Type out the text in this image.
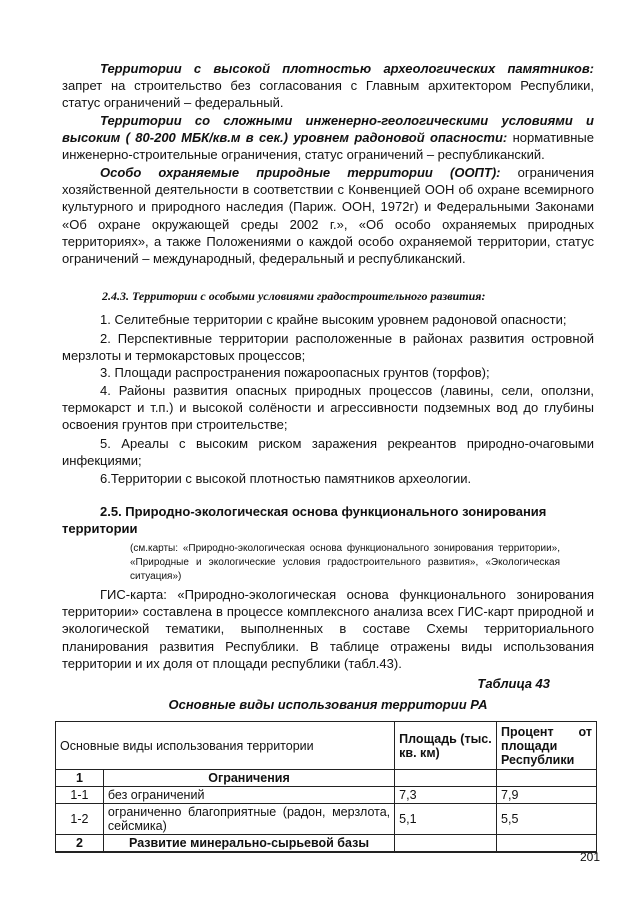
Территории с высокой плотностью археологических памятников: запрет на строительство без согласования с Главным архитектором Республики, статус ограничений – федеральный.

Территории со сложными инженерно-геологическими условиями и высоким ( 80-200 МБК/кв.м в сек.) уровнем радоновой опасности: нормативные инженерно-строительные ограничения, статус ограничений – республиканский.

Особо охраняемые природные территории (ООПТ): ограничения хозяйственной деятельности в соответствии с Конвенцией ООН об охране всемирного культурного и природного наследия (Париж. ООН, 1972г) и Федеральными Законами «Об охране окружающей среды 2002 г.», «Об особо охраняемых природных территориях», а также Положениями о каждой особо охраняемой территории, статус ограничений – международный, федеральный и республиканский.

2.4.3. Территории с особыми условиями градостроительного развития:

1. Селитебные территории с крайне высоким уровнем радоновой опасности;

2. Перспективные территории расположенные в районах развития островной мерзлоты и термокарстовых процессов;

3. Площади распространения пожароопасных грунтов (торфов);

4. Районы развития опасных природных процессов (лавины, сели, оползни, термокарст и т.п.) и высокой солёности и агрессивности подземных вод до глубины освоения грунтов при строительстве;

5. Ареалы с высоким риском заражения рекреантов природно-очаговыми инфекциями;

6.Территории с высокой плотностью памятников археологии.

2.5. Природно-экологическая основа функционального зонирования территории

(см.карты: «Природно-экологическая основа функционального зонирования территории», «Природные и экологические условия градостроительного развития», «Экологическая ситуация»)

ГИС-карта: «Природно-экологическая основа функционального зонирования территории» составлена в процессе комплексного анализа всех ГИС-карт природной и экологической тематики, выполненных в составе Схемы территориального планирования развития Республики. В таблице отражены виды использования территории и их доля от площади республики (табл.43).

Таблица 43

Основные виды использования территории РА

Основные виды использования территории		Площадь (тыс. кв. км)	Процент от площади Республики
1	Ограничения		
1-1	без ограничений	7,3	7,9
1-2	ограниченно благоприятные (радон, мерзлота, сейсмика)	5,1	5,5
2	Развитие минерально-сырьевой базы		
201
